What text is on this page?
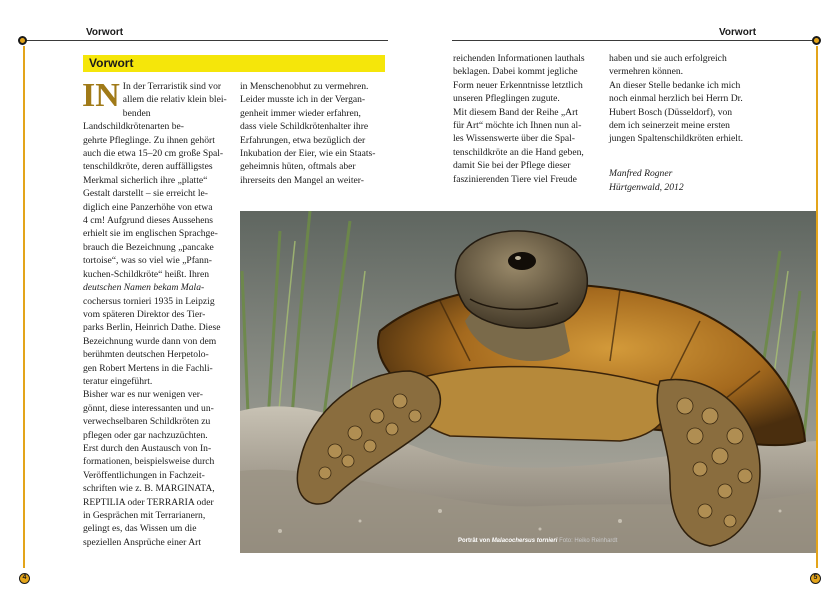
Vorwort	Vorwort
Vorwort
IN In der Terraristik sind vor

allem die relativ klein blei-

benden Landschildkrötenarten be-

gehrte Pfleglinge. Zu ihnen gehört

auch die etwa 15–20 cm große Spal-

tenschildkröte, deren auffälligstes

Merkmal sicherlich ihre „platte“

Gestalt darstellt – sie erreicht le-

diglich eine Panzerhöhe von etwa

4 cm! Aufgrund dieses Aussehens

erhielt sie im englischen Sprachge-

brauch die Bezeichnung „pancake

tortoise“, was so viel wie „Pfann-

kuchen-Schildkröte“ heißt. Ihren

deutschen Namen bekam Mala-

cochersus tornieri 1935 in Leipzig

vom späteren Direktor des Tier-

parks Berlin, Heinrich Dathe. Diese

Bezeichnung wurde dann von dem

berühmten deutschen Herpetolo-

gen Robert Mertens in die Fachli-

teratur eingeführt.

Bisher war es nur wenigen ver-

gönnt, diese interessanten und un-

verwechselbaren Schildkröten zu

pflegen oder gar nachzuzüchten.

Erst durch den Austausch von In-

formationen, beispielsweise durch

Veröffentlichungen in Fachzeit-

schriften wie z. B. MARGINATA,

REPTILIA oder TERRARIA oder

in Gesprächen mit Terrarianern,

gelingt es, das Wissen um die

speziellen Ansprüche einer Art

in Menschenobhut zu vermehren.

Leider musste ich in der Vergan-

genheit immer wieder erfahren,

dass viele Schildkrötenhalter ihre

Erfahrungen, etwa bezüglich der

Inkubation der Eier, wie ein Staats-

geheimnis hüten, oftmals aber

ihrerseits den Mangel an weiter-

reichenden Informationen lauthals

beklagen. Dabei kommt jegliche

Form neuer Erkenntnisse letztlich

unseren Pfleglingen zugute.

Mit diesem Band der Reihe „Art

für Art“ möchte ich Ihnen nun al-

les Wissenswerte über die Spal-

tenschildkröte an die Hand geben,

damit Sie bei der Pflege dieser

faszinierenden Tiere viel Freude

haben und sie auch erfolgreich

vermehren können.

An dieser Stelle bedanke ich mich

noch einmal herzlich bei Herrn Dr.

Hubert Bosch (Düsseldorf), von

dem ich seinerzeit meine ersten

jungen Spaltenschildkröten erhielt.

Manfred Rogner
Hürtgenwald, 2012
Porträt von Malacochersus tornieri Foto: Heiko Reinhardt
4	5
